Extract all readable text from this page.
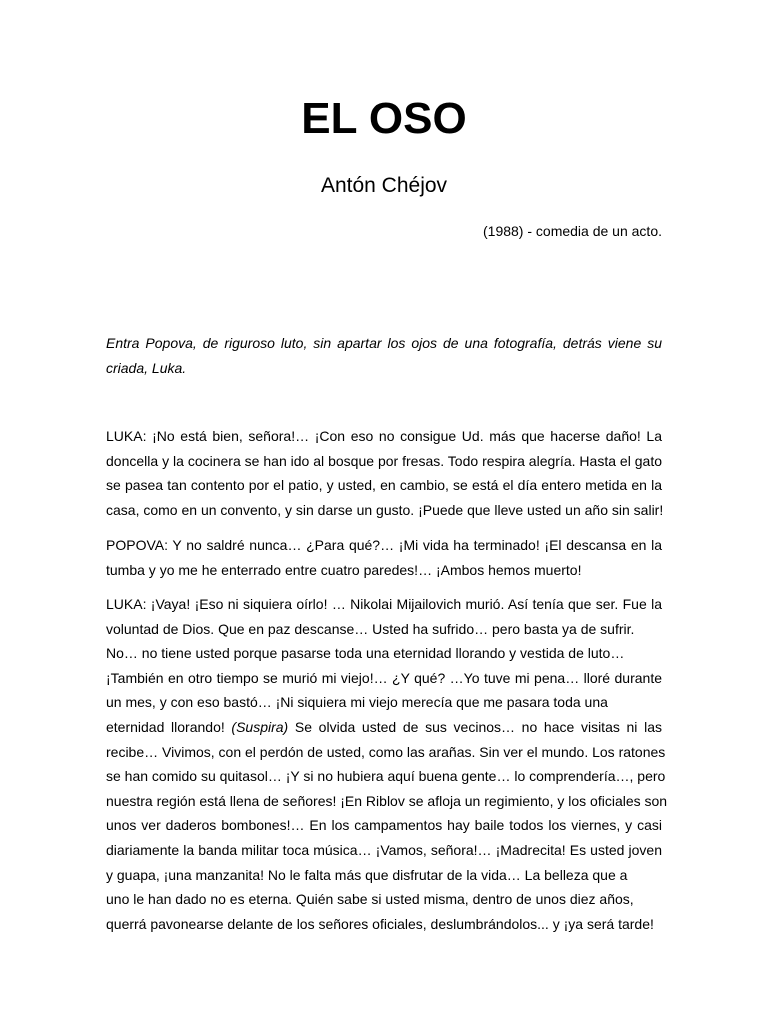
EL OSO

Antón Chéjov

(1988) - comedia de un acto.

Entra Popova, de riguroso luto, sin apartar los ojos de una fotografía, detrás viene su
criada, Luka.

LUKA: ¡No está bien, señora!… ¡Con eso no consigue Ud. más que hacerse daño! La
doncella y la cocinera se han ido al bosque por fresas. Todo respira alegría. Hasta el gato
se pasea tan contento por el patio, y usted, en cambio, se está el día entero metida en la
casa, como en un convento, y sin darse un gusto. ¡Puede que lleve usted un año sin salir!

POPOVA: Y no saldré nunca… ¿Para qué?… ¡Mi vida ha terminado! ¡El descansa en la
tumba y yo me he enterrado entre cuatro paredes!… ¡Ambos hemos muerto!

LUKA: ¡Vaya! ¡Eso ni siquiera oírlo! … Nikolai Mijailovich murió. Así tenía que ser. Fue la
voluntad de Dios. Que en paz descanse… Usted ha sufrido… pero basta ya de sufrir.
No… no tiene usted porque pasarse toda una eternidad llorando y vestida de luto…
¡También en otro tiempo se murió mi viejo!… ¿Y qué? …Yo tuve mi pena… lloré durante
un mes, y con eso bastó… ¡Ni siquiera mi viejo merecía que me pasara toda una
eternidad llorando! (Suspira) Se olvida usted de sus vecinos… no hace visitas ni las
recibe… Vivimos, con el perdón de usted, como las arañas. Sin ver el mundo. Los ratones
se han comido su quitasol… ¡Y si no hubiera aquí buena gente… lo comprendería…, pero
nuestra región está llena de señores! ¡En Riblov se afloja un regimiento, y los oficiales son
unos ver daderos bombones!… En los campamentos hay baile todos los viernes, y casi
diariamente la banda militar toca música… ¡Vamos, señora!… ¡Madrecita! Es usted joven
y guapa, ¡una manzanita! No le falta más que disfrutar de la vida… La belleza que a
uno le han dado no es eterna. Quién sabe si usted misma, dentro de unos diez años,
querrá pavonearse delante de los señores oficiales, deslumbrándolos... y ¡ya será tarde!
